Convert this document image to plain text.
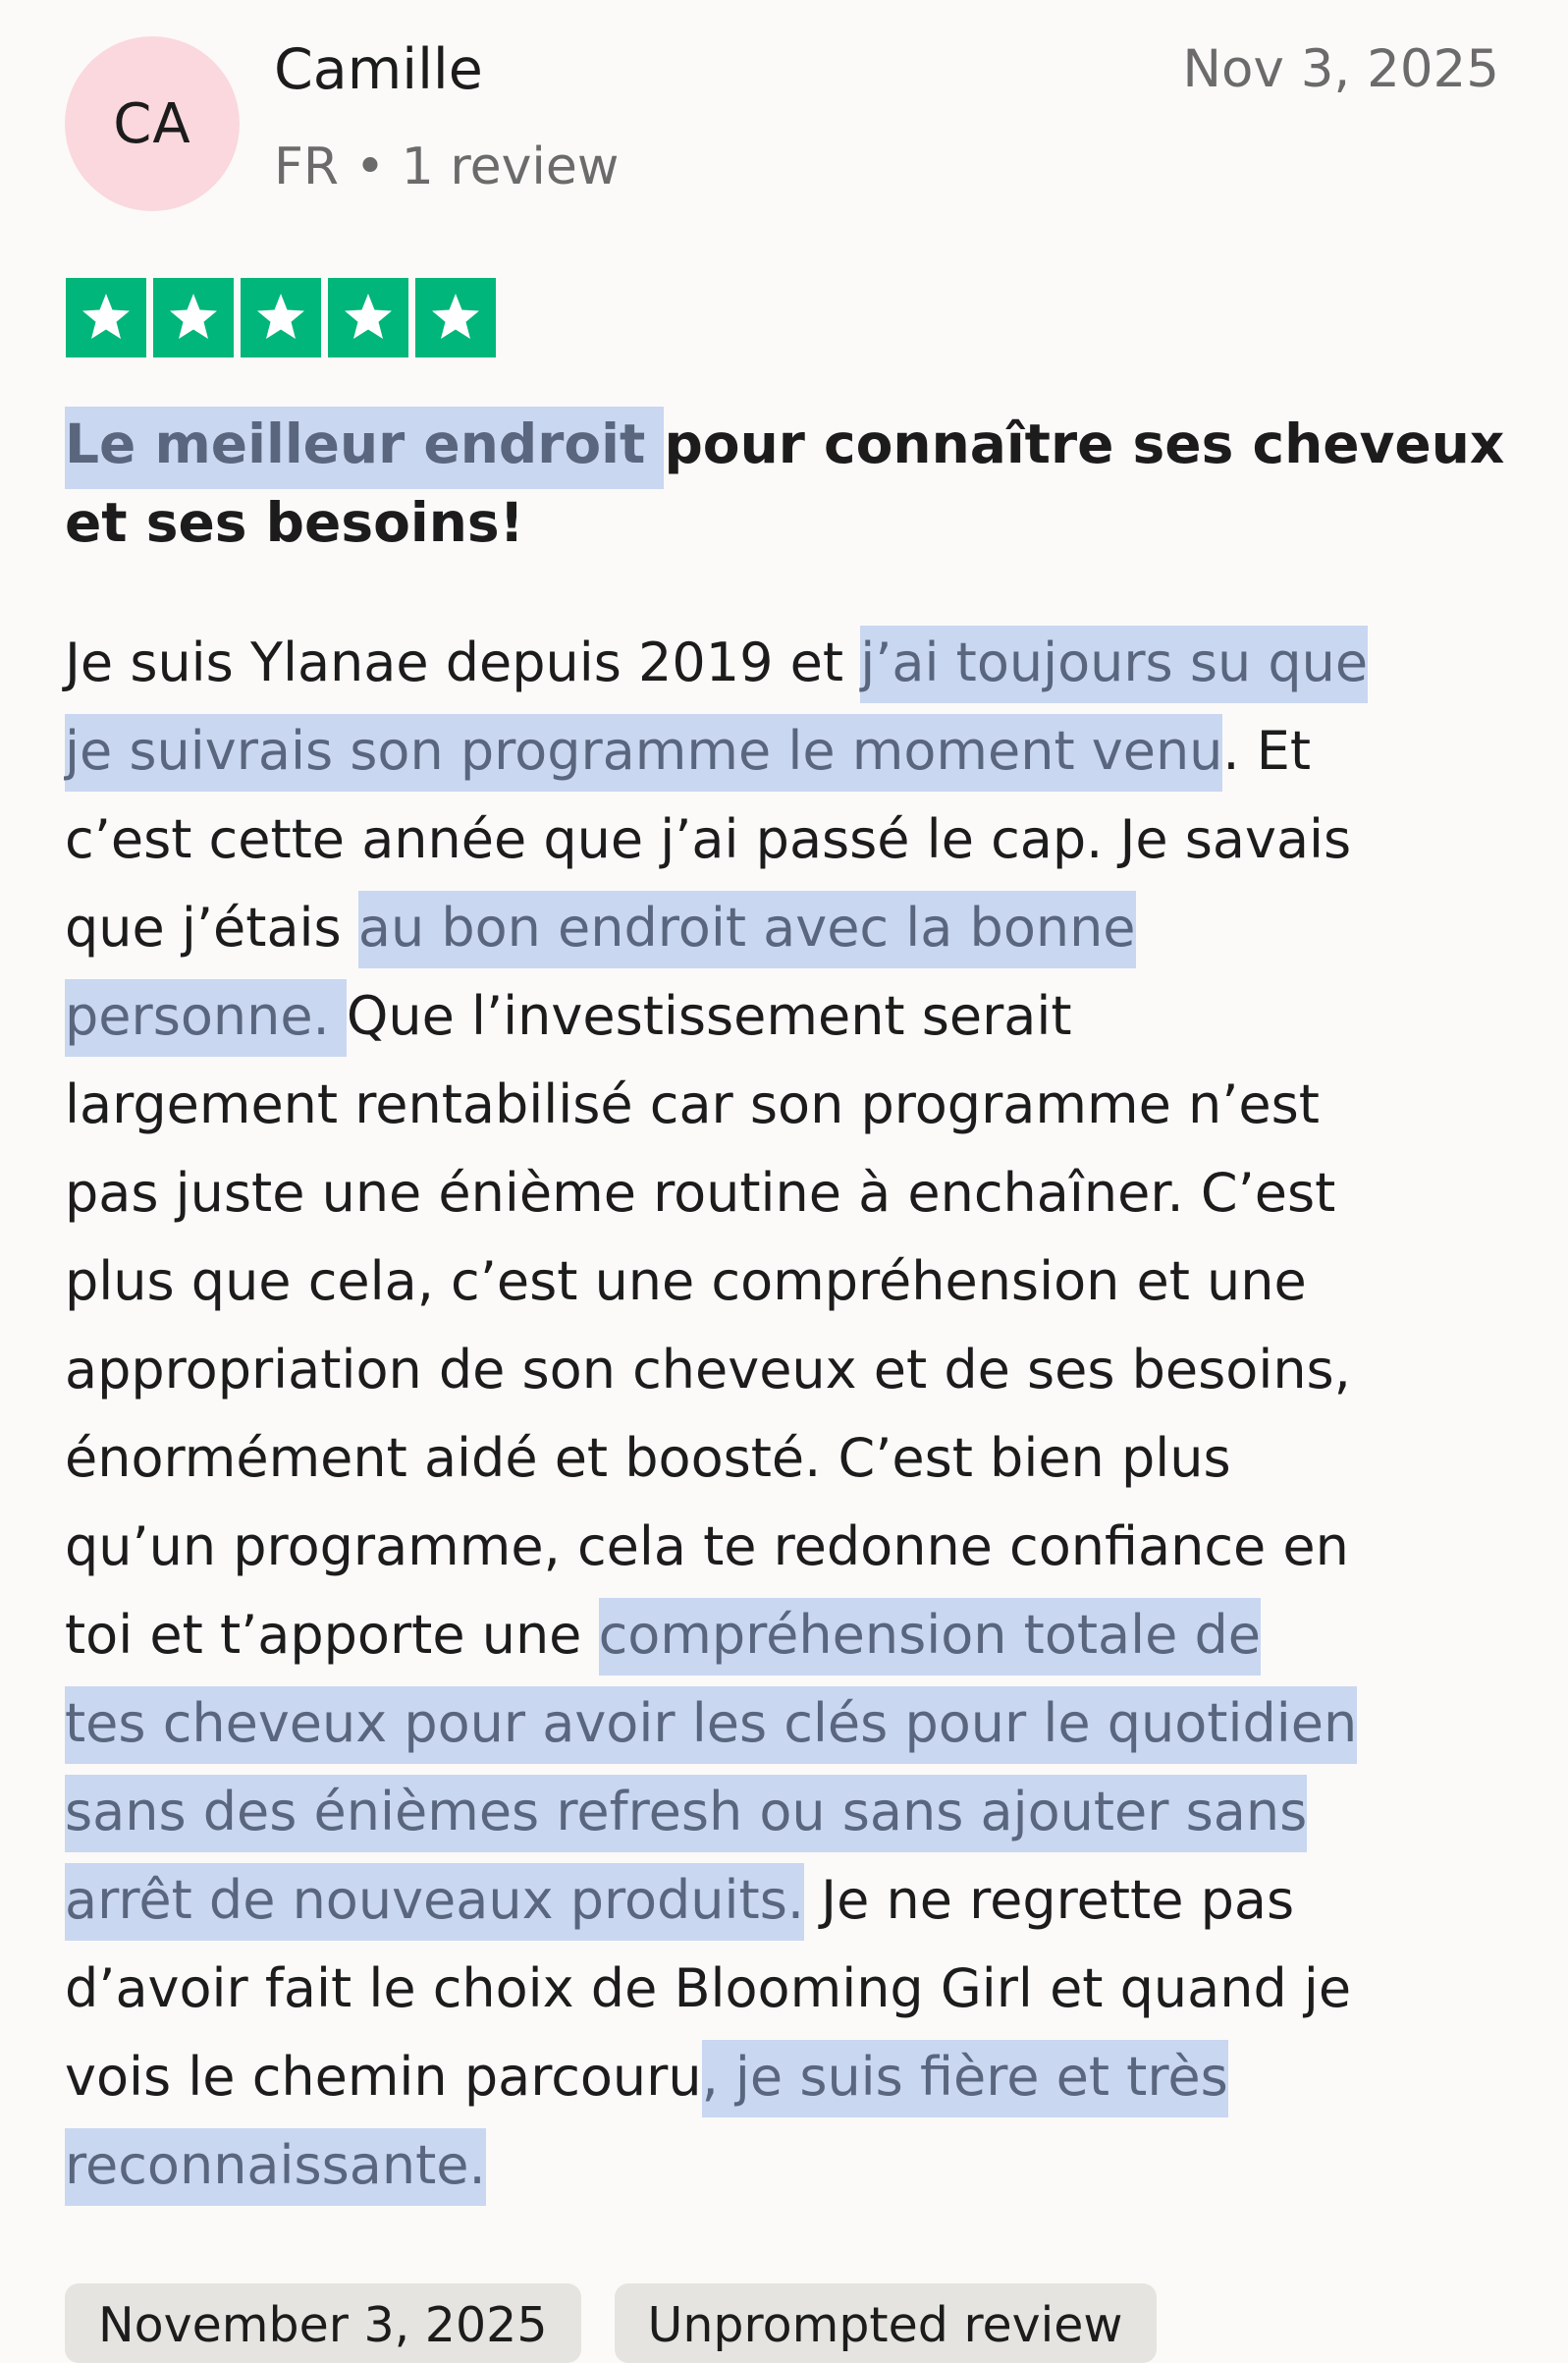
CA
Camille
FR • 1 review
Nov 3, 2025
Le meilleur endroit pour connaître ses cheveux
et ses besoins!
Je suis Ylanae depuis 2019 et j’ai toujours su que
je suivrais son programme le moment venu. Et
c’est cette année que j’ai passé le cap. Je savais
que j’étais au bon endroit avec la bonne
personne. Que l’investissement serait
largement rentabilisé car son programme n’est
pas juste une énième routine à enchaîner. C’est
plus que cela, c’est une compréhension et une
appropriation de son cheveux et de ses besoins,
énormément aidé et boosté. C’est bien plus
qu’un programme, cela te redonne confiance en
toi et t’apporte une compréhension totale de
tes cheveux pour avoir les clés pour le quotidien
sans des énièmes refresh ou sans ajouter sans
arrêt de nouveaux produits. Je ne regrette pas
d’avoir fait le choix de Blooming Girl et quand je
vois le chemin parcouru, je suis fière et très
reconnaissante.
November 3, 2025	Unprompted review
